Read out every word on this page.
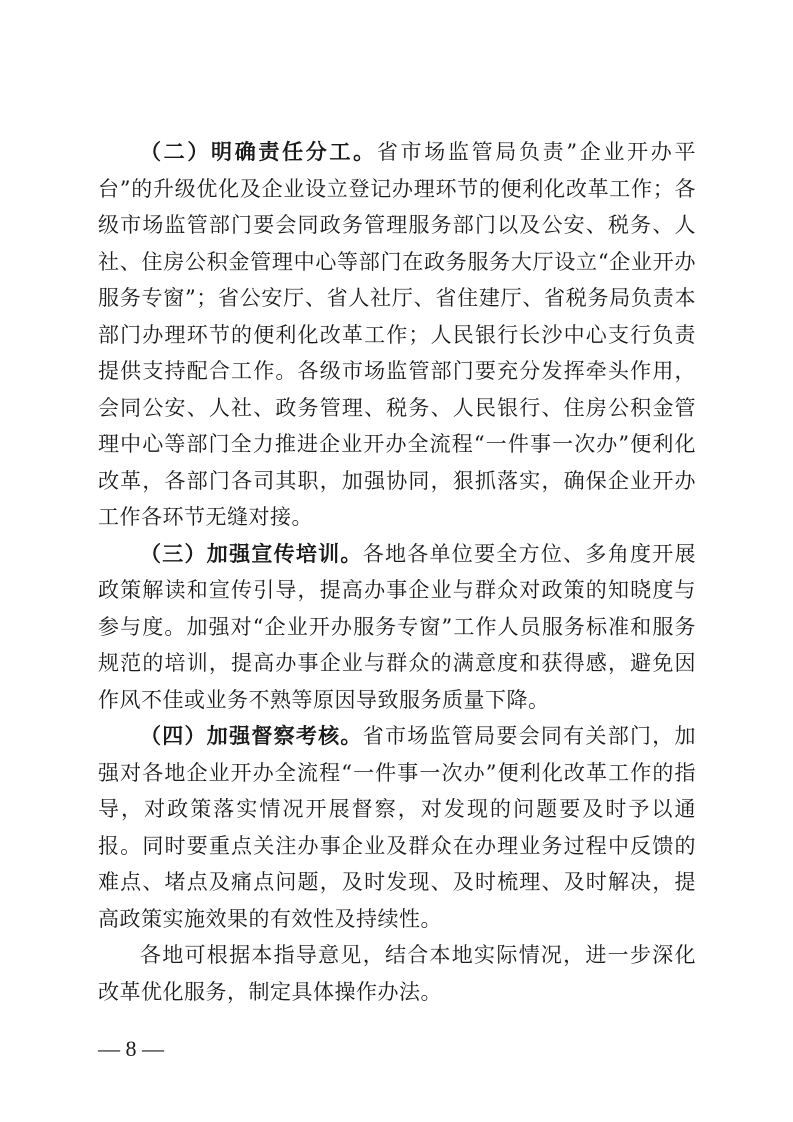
（二）明确责任分工。省市场监管局负责”企业开办平台”的升级优化及企业设立登记办理环节的便利化改革工作；各级市场监管部门要会同政务管理服务部门以及公安、税务、人社、住房公积金管理中心等部门在政务服务大厅设立“企业开办服务专窗”；省公安厅、省人社厅、省住建厅、省税务局负责本部门办理环节的便利化改革工作；人民银行长沙中心支行负责提供支持配合工作。各级市场监管部门要充分发挥牵头作用，会同公安、人社、政务管理、税务、人民银行、住房公积金管理中心等部门全力推进企业开办全流程“一件事一次办”便利化改革，各部门各司其职，加强协同，狠抓落实，确保企业开办工作各环节无缝对接。

（三）加强宣传培训。各地各单位要全方位、多角度开展政策解读和宣传引导，提高办事企业与群众对政策的知晓度与参与度。加强对“企业开办服务专窗”工作人员服务标准和服务规范的培训，提高办事企业与群众的满意度和获得感，避免因作风不佳或业务不熟等原因导致服务质量下降。

（四）加强督察考核。省市场监管局要会同有关部门，加强对各地企业开办全流程“一件事一次办”便利化改革工作的指导，对政策落实情况开展督察，对发现的问题要及时予以通报。同时要重点关注办事企业及群众在办理业务过程中反馈的难点、堵点及痛点问题，及时发现、及时梳理、及时解决，提高政策实施效果的有效性及持续性。

各地可根据本指导意见，结合本地实际情况，进一步深化改革优化服务，制定具体操作办法。

— 8 —
